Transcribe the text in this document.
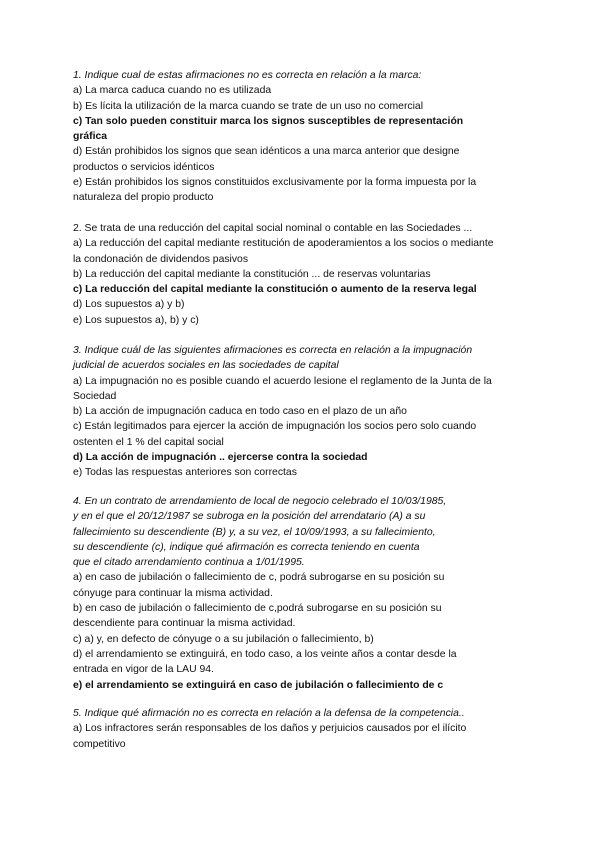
1. Indique cual de estas afirmaciones no es correcta en relación a la marca:
a) La marca caduca cuando no es utilizada
b) Es lícita la utilización de la marca cuando se trate de un uso no comercial
c) Tan solo pueden constituir marca los signos susceptibles de representación
gráfica
d) Están prohibidos los signos que sean idénticos a una marca anterior que designe
productos o servicios idénticos
e) Están prohibidos los signos constituidos exclusivamente por la forma impuesta por la
naturaleza del propio producto
2. Se trata de una reducción del capital social nominal o contable en las Sociedades ...
a) La reducción del capital mediante restitución de apoderamientos a los socios o mediante
la condonación de dividendos pasivos
b) La reducción del capital mediante la constitución ... de reservas voluntarias
c) La reducción del capital mediante la constitución o aumento de la reserva legal
d) Los supuestos a) y b)
e) Los supuestos a), b) y c)
3. Indique cuál de las siguientes afirmaciones es correcta en relación a la impugnación
judicial de acuerdos sociales en las sociedades de capital
a) La impugnación no es posible cuando el acuerdo lesione el reglamento de la Junta de la
Sociedad
b) La acción de impugnación caduca en todo caso en el plazo de un año
c) Están legitimados para ejercer la acción de impugnación los socios pero solo cuando
ostenten el 1 % del capital social
d) La acción de impugnación .. ejercerse contra la sociedad
e) Todas las respuestas anteriores son correctas
4. En un contrato de arrendamiento de local de negocio celebrado el 10/03/1985,
y en el que el 20/12/1987 se subroga en la posición del arrendatario (A) a su
fallecimiento su descendiente (B) y, a su vez, el 10/09/1993, a su fallecimiento,
su descendiente (c), indique qué afirmación es correcta teniendo en cuenta
que el citado arrendamiento continua a 1/01/1995.
a) en caso de jubilación o fallecimiento de c, podrá subrogarse en su posición su
cónyuge para continuar la misma actividad.
b) en caso de jubilación o fallecimiento de c,podrá subrogarse en su posición su
descendiente para continuar la misma actividad.
c) a) y, en defecto de cónyuge o a su jubilación o fallecimiento, b)
d) el arrendamiento se extinguirá, en todo caso, a los veinte años a contar desde la
entrada en vigor de la LAU 94.
e) el arrendamiento se extinguirá en caso de jubilación o fallecimiento de c
5. Indique qué afirmación no es correcta en relación a la defensa de la competencia..
a) Los infractores serán responsables de los daños y perjuicios causados por el ilícito
competitivo
